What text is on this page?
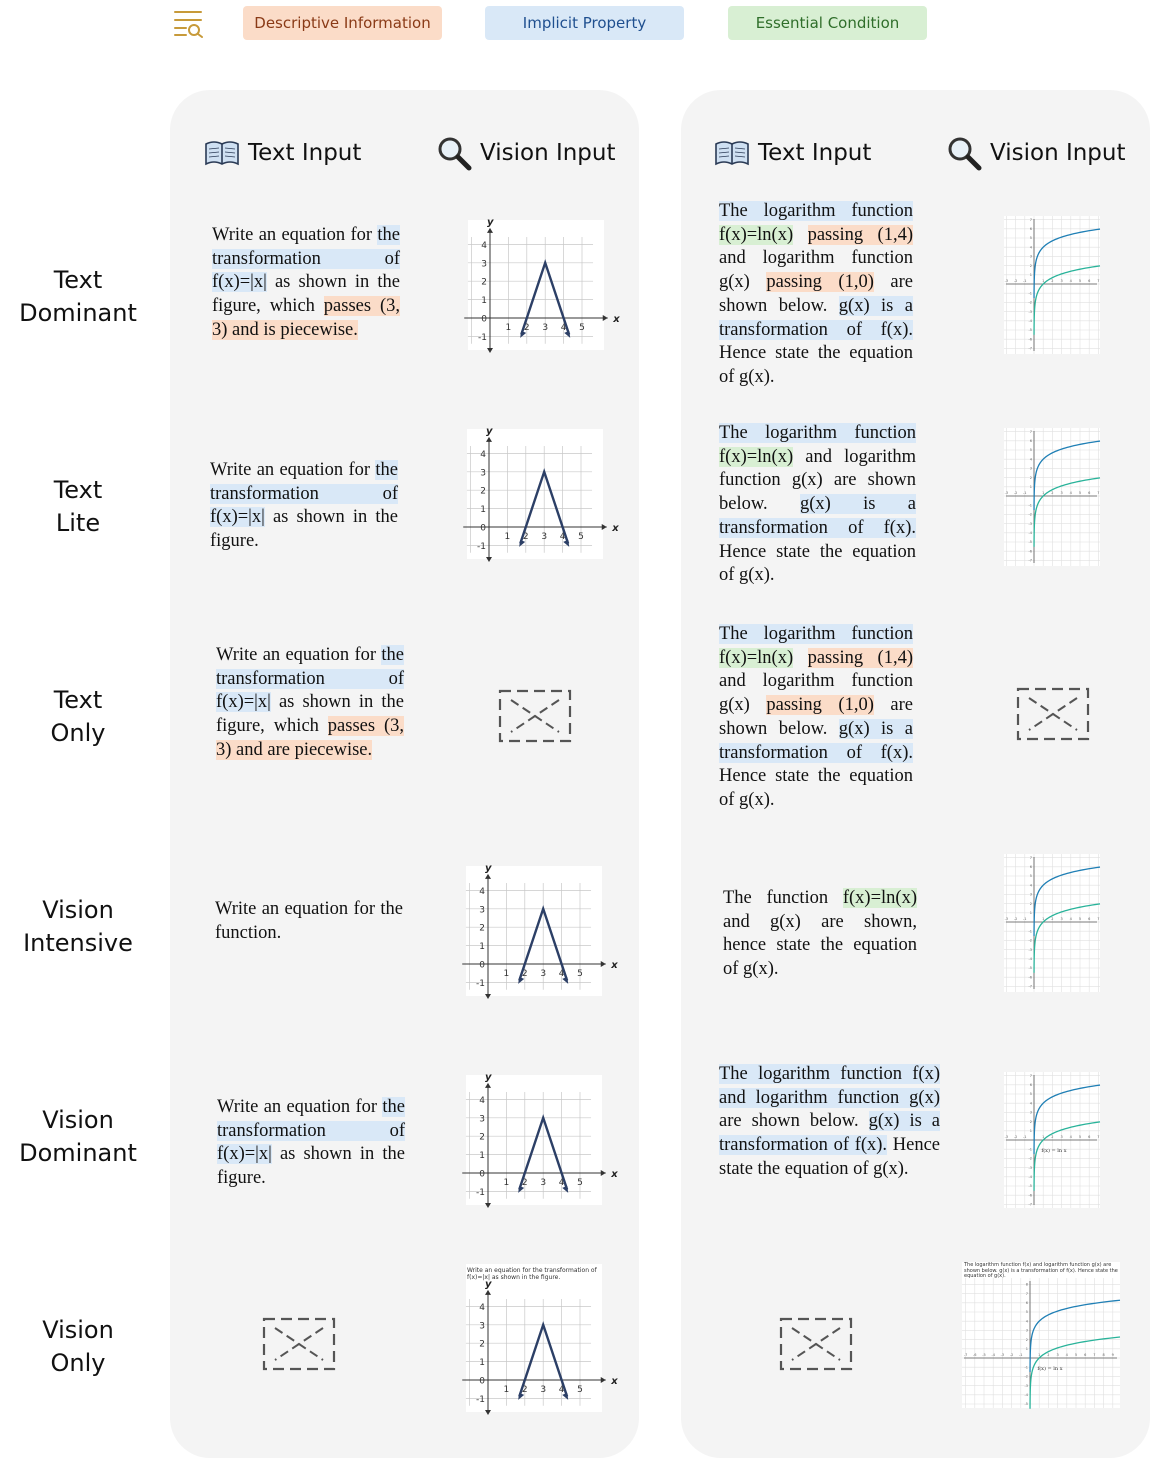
Descriptive Information	Implicit Property	Essential Condition
Text Input	Vision Input	Text Input	Vision Input
Text
Dominant
Text
Lite
Text
Only
Vision
Intensive
Vision
Dominant
Vision
Only
Write an equation for the transformation of f(x)=|x| as shown in the figure, which passes (3, 3) and is piecewise.
Write an equation for the transformation of f(x)=|x| as shown in the figure.
Write an equation for the transformation of f(x)=|x| as shown in the figure, which passes (3, 3) and are piecewise.
Write an equation for the function.
Write an equation for the transformation of f(x)=|x| as shown in the figure.
y
x
4
3
2
1
0
-1
1 2 3 4 5
y
x
4
3
2
1
0
-1
1 2 3 4 5
y
x
4
3
2
1
0
-1
1 2 3 4 5
y
x
4
3
2
1
0
-1
1 2 3 4 5
Write an equation for the transformation of f(x)=|x| as shown in the figure.
y
x
4
3
2
1
0
-1
1 2 3 4 5
The logarithm function f(x)=ln(x) passing (1,4) and logarithm function g(x) passing (1,0) are shown below. g(x) is a transformation of f(x). Hence state the equation of g(x).
The logarithm function f(x)=ln(x) and logarithm function g(x) are shown below. g(x) is a transformation of f(x). Hence state the equation of g(x).
The logarithm function f(x)=ln(x) passing (1,4) and logarithm function g(x) passing (1,0) are shown below. g(x) is a transformation of f(x). Hence state the equation of g(x).
The function f(x)=ln(x) and g(x) are shown, hence state the equation of g(x).
The logarithm function f(x) and logarithm function g(x) are shown below. g(x) is a transformation of f(x). Hence state the equation of g(x).
-3 -2 -1	1 2 3 4 5 6 7
-7
-6
-5
-4
-3
-2
-1
1
2
3
4
5
6
7
y = g(x)
y = f(x)
-3 -2 -1	1 2 3 4 5 6 7
-7
-6
-5
-4
-3
-2
-1
1
2
3
4
5
6
7
y = g(x)
y = f(x)
-3 -2 -1	1 2 3 4 5 6 7
-7
-6
-5
-4
-3
-2
-1
1
2
3
4
5
6
7
y = g(x)
y = f(x)
-3 -2 -1	1 2 3 4 5 6 7
-7
-6
-5
-4
-3
-2
-1
1
2
3
4
5
6
7
y = g(x)
y = f(x)
f(x) = ln x
The logarithm function f(x) and logarithm function g(x) are shown below. g(x) is a transformation of f(x). Hence state the equation of g(x).
-7 -6 -5 -4 -3 -2 -1	1 2 3 4 5 6 7 8 9
-5
-4
-3
-2
-1
1
2
3
4
5
6
7
8
y = g(x)
y = f(x)
f(x) = ln x
